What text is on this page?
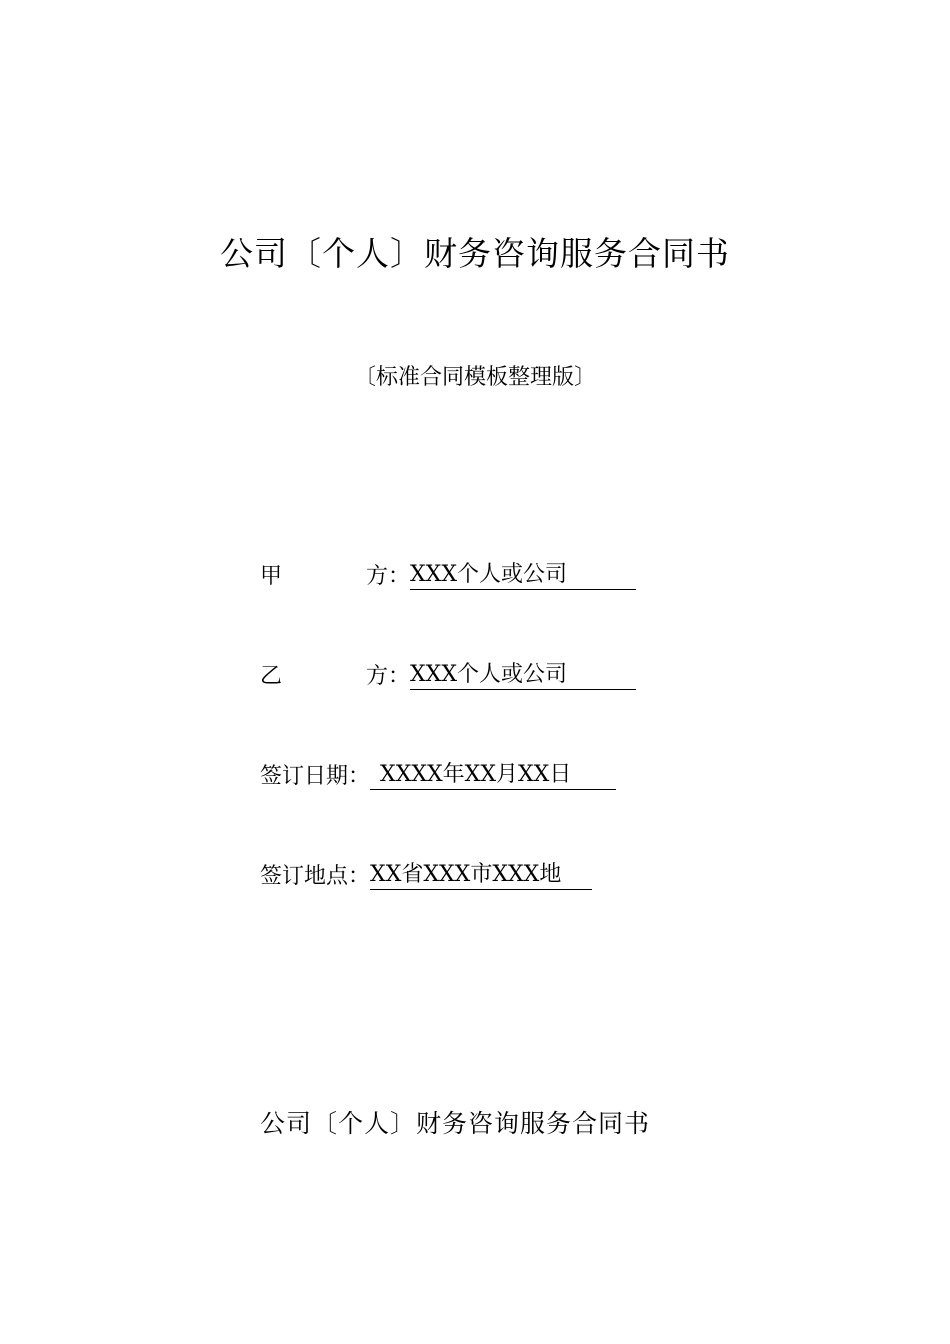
公司〔个人〕财务咨询服务合同书
〔标准合同模板整理版〕
甲	方 ： XXX个人或公司
乙	方 ： XXX个人或公司
签订日期 ： XXXX年XX月XX日
签订地点 ： XX省XXX市XXX地
公司〔个人〕财务咨询服务合同书
